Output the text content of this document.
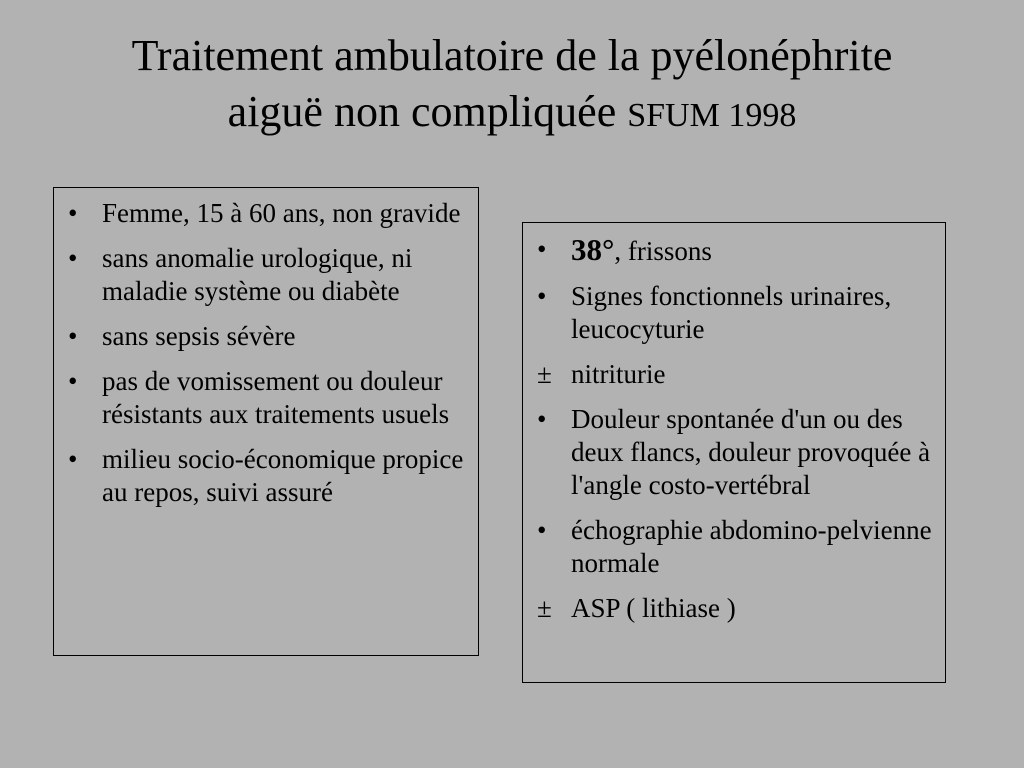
Traitement ambulatoire de la pyélonéphrite
aiguë non compliquée SFUM 1998
• Femme, 15 à 60 ans, non gravide
• sans anomalie urologique, ni maladie système ou diabète
• sans sepsis sévère
• pas de vomissement ou douleur résistants aux traitements usuels
• milieu socio-économique propice au repos, suivi assuré
• 38°, frissons
• Signes fonctionnels urinaires, leucocyturie
± nitriturie
• Douleur spontanée d'un ou des deux flancs, douleur provoquée à l'angle costo-vertébral
• échographie abdomino-pelvienne normale
± ASP ( lithiase )
